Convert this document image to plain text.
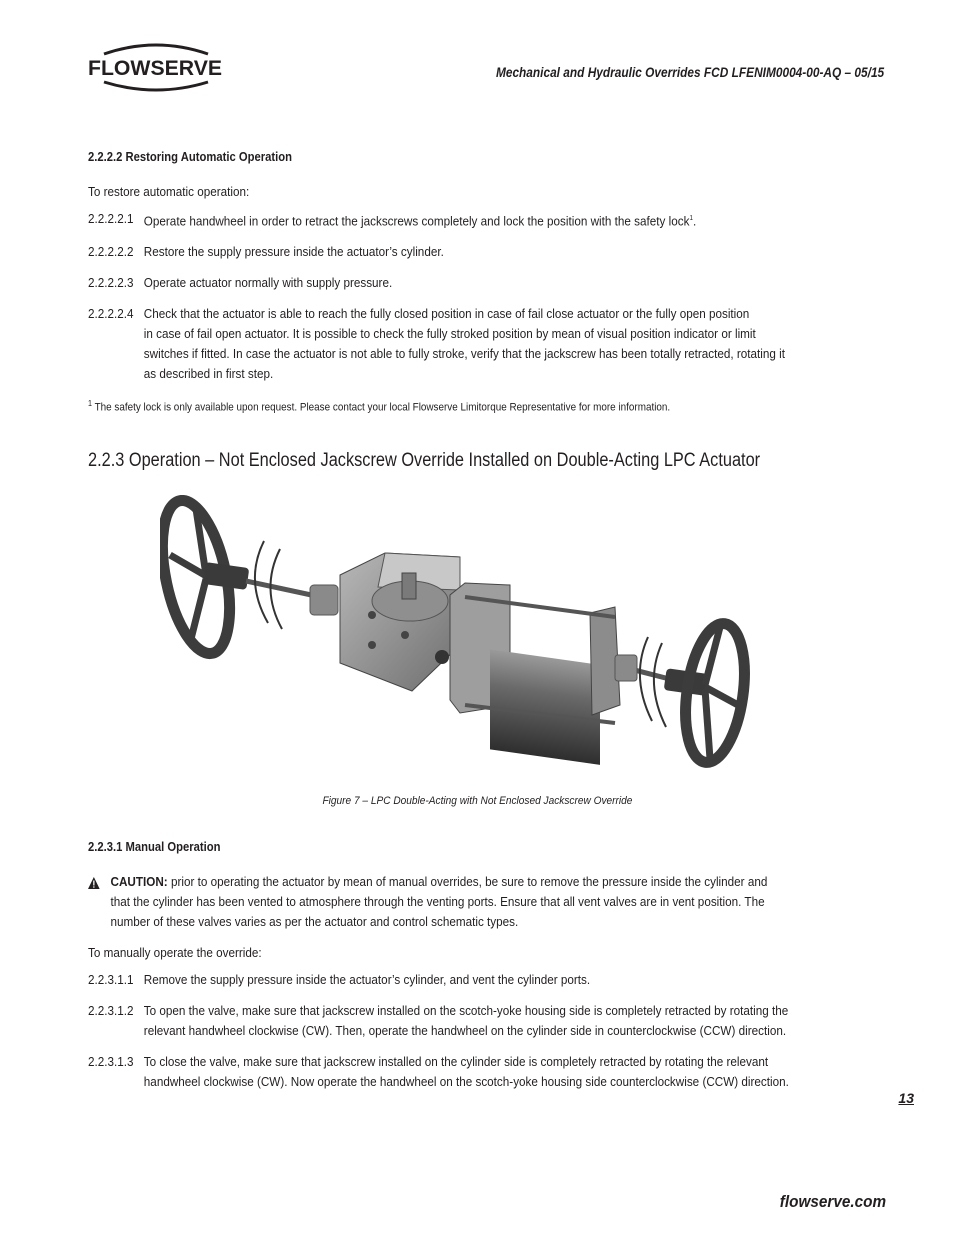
FLOWSERVE	Mechanical and Hydraulic Overrides FCD LFENIM0004-00-AQ – 05/15
2.2.2.2 Restoring Automatic Operation

To restore automatic operation:

2.2.2.2.1 Operate handwheel in order to retract the jackscrews completely and lock the position with the safety lock$^1$.
2.2.2.2.2 Restore the supply pressure inside the actuator’s cylinder.
2.2.2.2.3 Operate actuator normally with supply pressure.
2.2.2.2.4 Check that the actuator is able to reach the fully closed position in case of fail close actuator or the fully open position
in case of fail open actuator. It is possible to check the fully stroked position by mean of visual position indicator or limit
switches if fitted. In case the actuator is not able to fully stroke, verify that the jackscrew has been totally retracted, rotating it
as described in first step.

$^1$ The safety lock is only available upon request. Please contact your local Flowserve Limitorque Representative for more information.

2.2.3 Operation – Not Enclosed Jackscrew Override Installed on Double-Acting LPC Actuator
Figure 7 – LPC Double-Acting with Not Enclosed Jackscrew Override
2.2.3.1 Manual Operation
CAUTION: prior to operating the actuator by mean of manual overrides, be sure to remove the pressure inside the cylinder and
that the cylinder has been vented to atmosphere through the venting ports. Ensure that all vent valves are in vent position. The
number of these valves varies as per the actuator and control schematic types.

To manually operate the override:

2.2.3.1.1 Remove the supply pressure inside the actuator’s cylinder, and vent the cylinder ports.
2.2.3.1.2 To open the valve, make sure that jackscrew installed on the scotch-yoke housing side is completely retracted by rotating the
relevant handwheel clockwise (CW). Then, operate the handwheel on the cylinder side in counterclockwise (CCW) direction.
2.2.3.1.3 To close the valve, make sure that jackscrew installed on the cylinder side is completely retracted by rotating the relevant
handwheel clockwise (CW). Now operate the handwheel on the scotch-yoke housing side counterclockwise (CCW) direction.
13
flowserve.com
